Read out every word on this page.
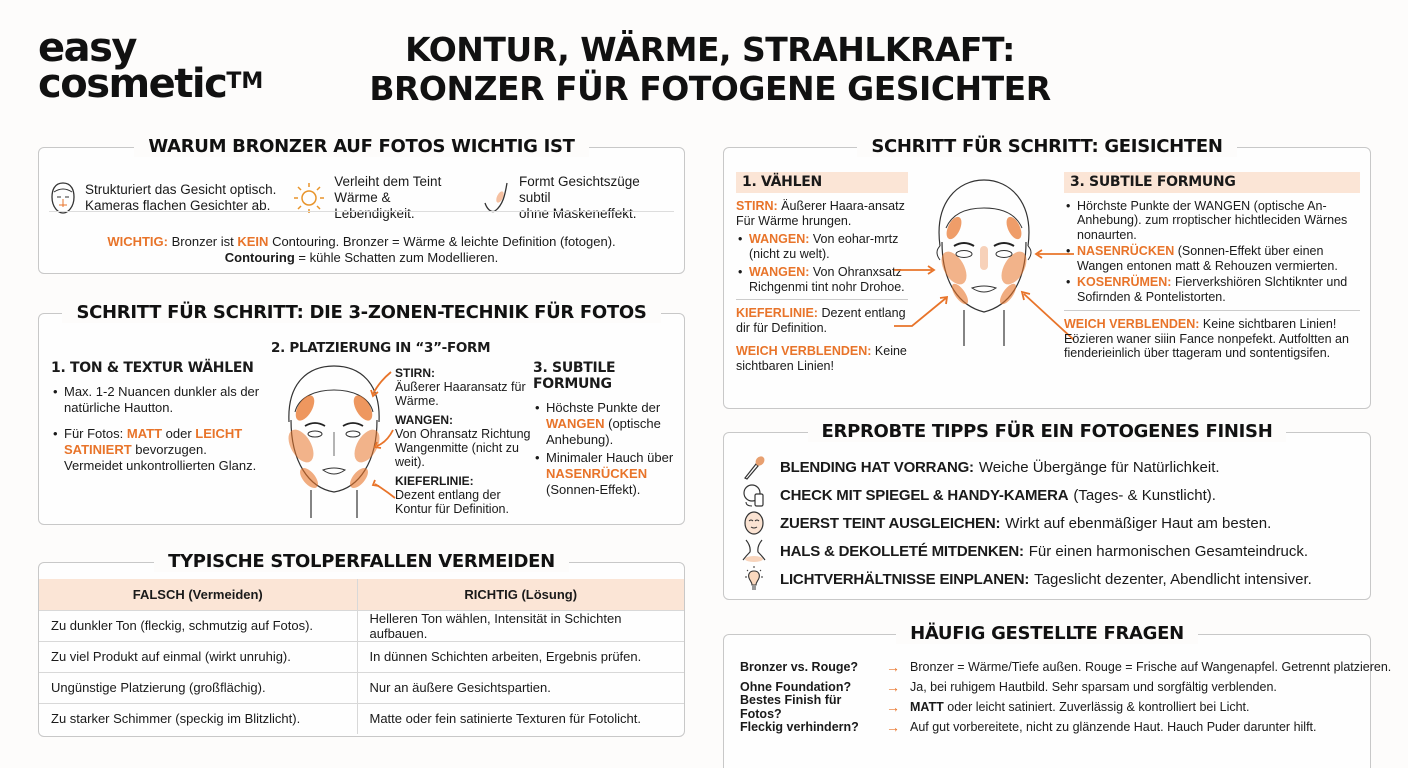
easy
cosmetic™
KONTUR, WÄRME, STRAHLKRAFT:
BRONZER FÜR FOTOGENE GESICHTER
WARUM BRONZER AUF FOTOS WICHTIG IST
Strukturiert das Gesicht optisch.
Kameras flachen Gesichter ab.
Verleiht dem Teint
Wärme & Lebendigkeit.
Formt Gesichtszüge subtil
ohne Maskeneffekt.
WICHTIG: Bronzer ist KEIN Contouring. Bronzer = Wärme & leichte Definition (fotogen).
Contouring = kühle Schatten zum Modellieren.
SCHRITT FÜR SCHRITT: DIE 3-ZONEN-TECHNIK FÜR FOTOS
1. TON & TEXTUR WÄHLEN
• Max. 1-2 Nuancen dunkler als der natürliche Hautton.
• Für Fotos: MATT oder LEICHT SATINIERT bevorzugen. Vermeidet unkontrollierten Glanz.
2. PLATZIERUNG IN “3”-FORM
STIRN:
Äußerer Haaransatz für Wärme.
WANGEN:
Von Ohransatz Richtung Wangenmitte (nicht zu weit).
KIEFERLINIE:
Dezent entlang der Kontur für Definition.
3. SUBTILE FORMUNG
• Höchste Punkte der WANGEN (optische Anhebung).
• Minimaler Hauch über NASENRÜCKEN (Sonnen-Effekt).
TYPISCHE STOLPERFALLEN VERMEIDEN
FALSCH (Vermeiden)	RICHTIG (Lösung)
Zu dunkler Ton (fleckig, schmutzig auf Fotos).	Helleren Ton wählen, Intensität in Schichten aufbauen.
Zu viel Produkt auf einmal (wirkt unruhig).	In dünnen Schichten arbeiten, Ergebnis prüfen.
Ungünstige Platzierung (großflächig).	Nur an äußere Gesichtspartien.
Zu starker Schimmer (speckig im Blitzlicht).	Matte oder fein satinierte Texturen für Fotolicht.
SCHRITT FÜR SCHRITT: GEISICHTEN
1. VÄHLEN
STIRN: Äußerer Haara-ansatz Für Wärme hrungen.
• WANGEN: Von eohar-mrtz (nicht zu welt).
• WANGEN: Von Ohranxsatz Richgenmi tint nohr Drohoe.
KIEFERLINIE: Dezent entlang dir für Definition.
WEICH VERBLENDEN: Keine sichtbaren Linien!
3. SUBTILE FORMUNG
• Hörchste Punkte der WANGEN (optische An-Anhebung). zum rroptischer hichtleciden Wärnes nonaurten.
• NASENRÜCKEN (Sonnen-Effekt über einen Wangen entonen matt & Rehouzen vermierten.
• KOSENRÜMEN: Fierverkshiören Slchtiknter und Sofirnden & Pontelistorten.
WEICH VERBLENDEN: Keine sichtbaren Linien! Eözieren waner siiin Fance nonpefekt. Autfoltten an fienderieinlich über ttageram und sontentigsifen.
ERPROBTE TIPPS FÜR EIN FOTOGENES FINISH
BLENDING HAT VORRANG: Weiche Übergänge für Natürlichkeit.
CHECK MIT SPIEGEL & HANDY-KAMERA (Tages- & Kunstlicht).
ZUERST TEINT AUSGLEICHEN: Wirkt auf ebenmäßiger Haut am besten.
HALS & DEKOLLETÉ MITDENKEN: Für einen harmonischen Gesamteindruck.
LICHTVERHÄLTNISSE EINPLANEN: Tageslicht dezenter, Abendlicht intensiver.
HÄUFIG GESTELLTE FRAGEN
Bronzer vs. Rouge?	→ Bronzer = Wärme/Tiefe außen. Rouge = Frische auf Wangenapfel. Getrennt platzieren.
Ohne Foundation?	→ Ja, bei ruhigem Hautbild. Sehr sparsam und sorgfältig verblenden.
Bestes Finish für Fotos?	→ MATT oder leicht satiniert. Zuverlässig & kontrolliert bei Licht.
Fleckig verhindern?	→ Auf gut vorbereitete, nicht zu glänzende Haut. Hauch Puder darunter hilft.
